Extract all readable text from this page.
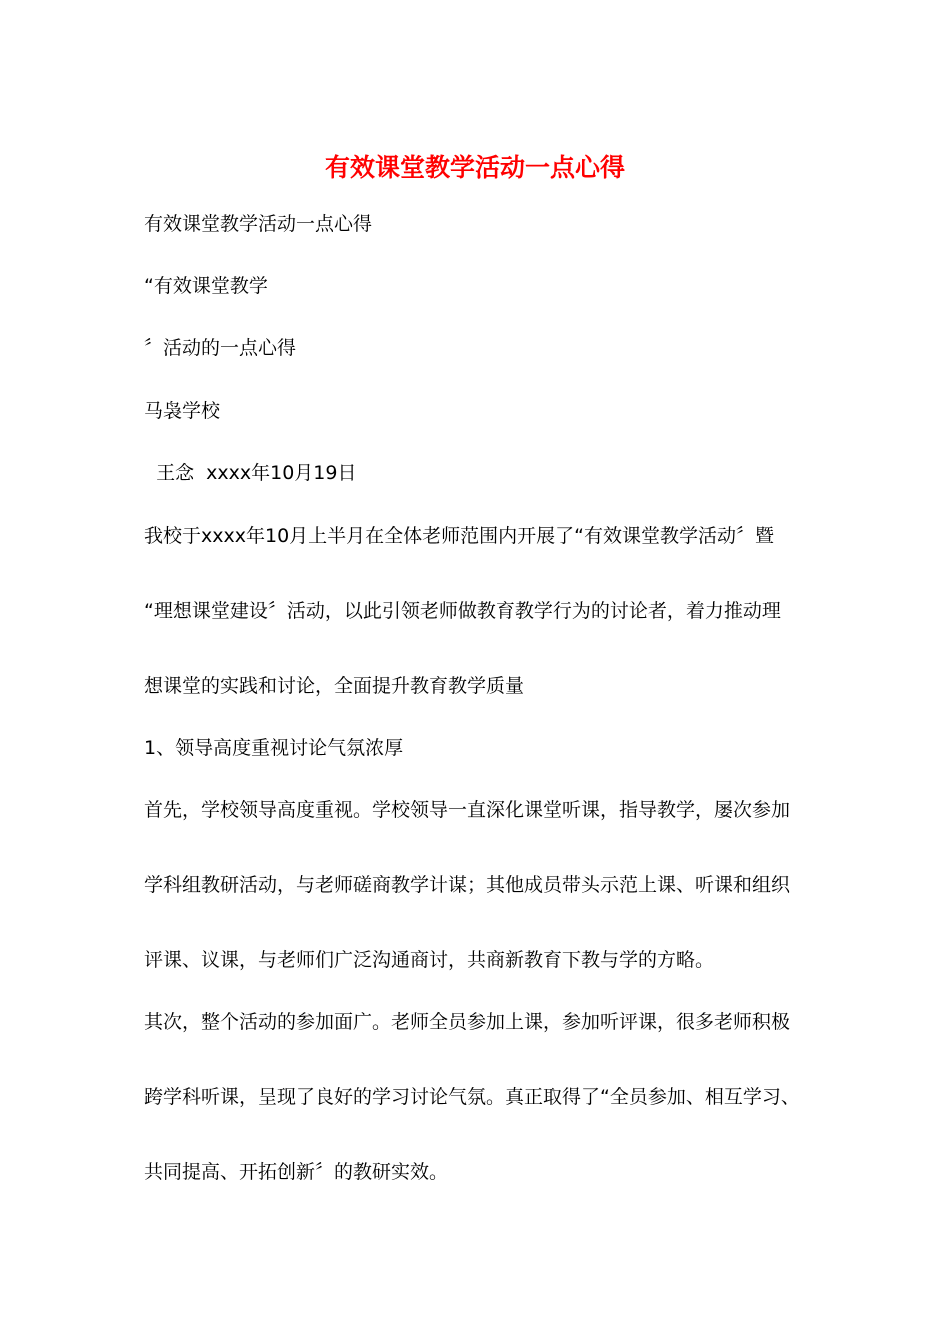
有效课堂教学活动一点心得
有效课堂教学活动一点心得
“有效课堂教学
〞活动的一点心得
马袅学校
王念  xxxx年10月19日
我校于xxxx年10月上半月在全体老师范围内开展了“有效课堂教学活动〞暨
“理想课堂建设〞活动，以此引领老师做教育教学行为的讨论者，着力推动理
想课堂的实践和讨论，全面提升教育教学质量
1、领导高度重视讨论气氛浓厚
首先，学校领导高度重视。学校领导一直深化课堂听课，指导教学，屡次参加
学科组教研活动，与老师磋商教学计谋；其他成员带头示范上课、听课和组织
评课、议课，与老师们广泛沟通商讨，共商新教育下教与学的方略。
其次，整个活动的参加面广。老师全员参加上课，参加听评课，很多老师积极
跨学科听课，呈现了良好的学习讨论气氛。真正取得了“全员参加、相互学习、
共同提高、开拓创新〞的教研实效。
